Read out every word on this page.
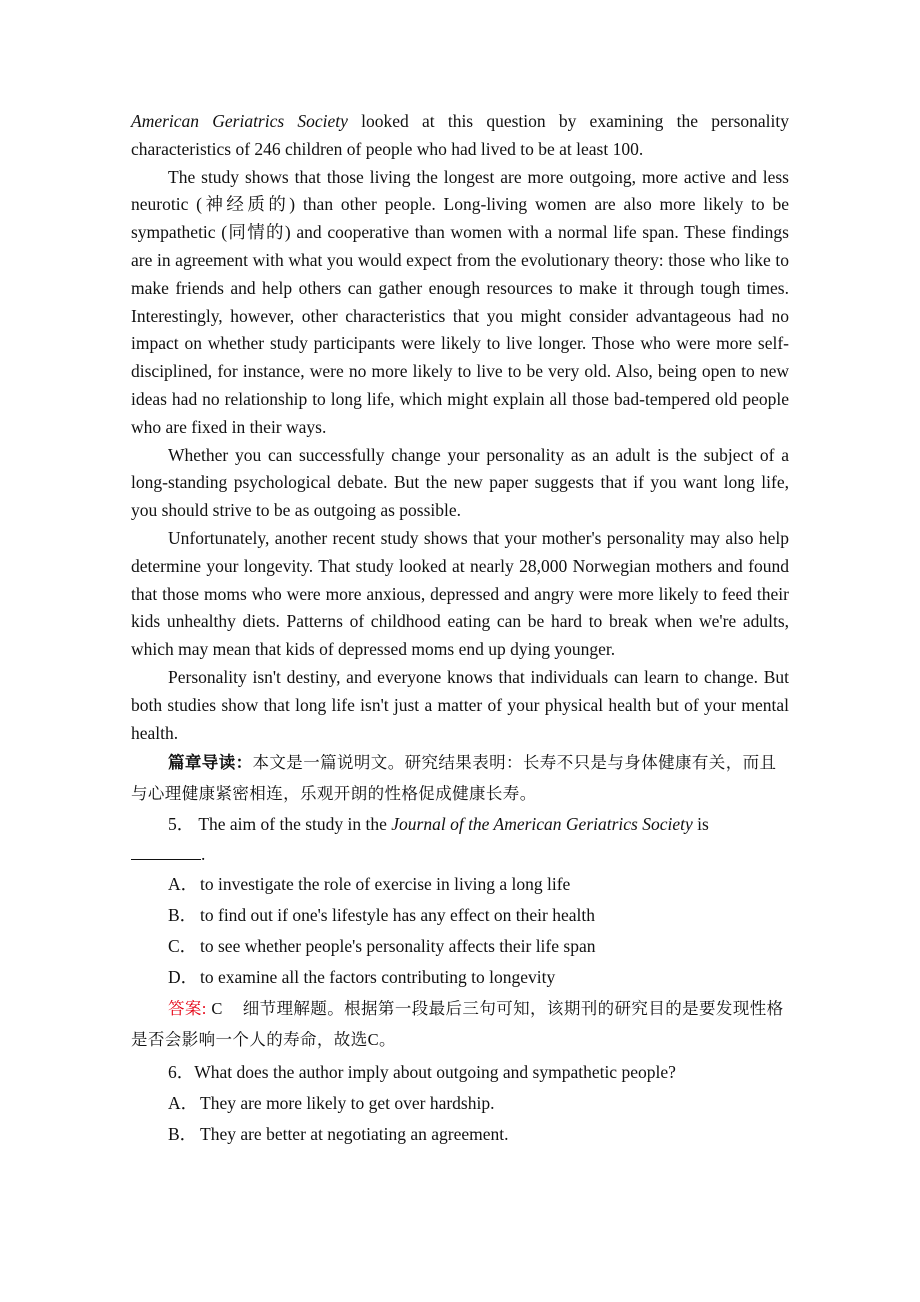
American Geriatrics Society looked at this question by examining the personality characteristics of 246 children of people who had lived to be at least 100.

The study shows that those living the longest are more outgoing, more active and less neurotic (神经质的) than other people. Long-living women are also more likely to be sympathetic (同情的) and cooperative than women with a normal life span. These findings are in agreement with what you would expect from the evolutionary theory: those who like to make friends and help others can gather enough resources to make it through tough times. Interestingly, however, other characteristics that you might consider advantageous had no impact on whether study participants were likely to live longer. Those who were more self-disciplined, for instance, were no more likely to live to be very old. Also, being open to new ideas had no relationship to long life, which might explain all those bad-tempered old people who are fixed in their ways.

Whether you can successfully change your personality as an adult is the subject of a long-standing psychological debate. But the new paper suggests that if you want long life, you should strive to be as outgoing as possible.

Unfortunately, another recent study shows that your mother's personality may also help determine your longevity. That study looked at nearly 28,000 Norwegian mothers and found that those moms who were more anxious, depressed and angry were more likely to feed their kids unhealthy diets. Patterns of childhood eating can be hard to break when we're adults, which may mean that kids of depressed moms end up dying younger.

Personality isn't destiny, and everyone knows that individuals can learn to change. But both studies show that long life isn't just a matter of your physical health but of your mental health.

篇章导读：本文是一篇说明文。研究结果表明：长寿不只是与身体健康有关，而且与心理健康紧密相连，乐观开朗的性格促成健康长寿。

5． The aim of the study in the Journal of the American Geriatrics Society is
.

A． to investigate the role of exercise in living a long life

B． to find out if one's lifestyle has any effect on their health

C． to see whether people's personality affects their life span

D． to examine all the factors contributing to longevity

答案: C 细节理解题。根据第一段最后三句可知，该期刊的研究目的是要发现性格是否会影响一个人的寿命，故选C。

6．What does the author imply about outgoing and sympathetic people?

A． They are more likely to get over hardship.

B． They are better at negotiating an agreement.
